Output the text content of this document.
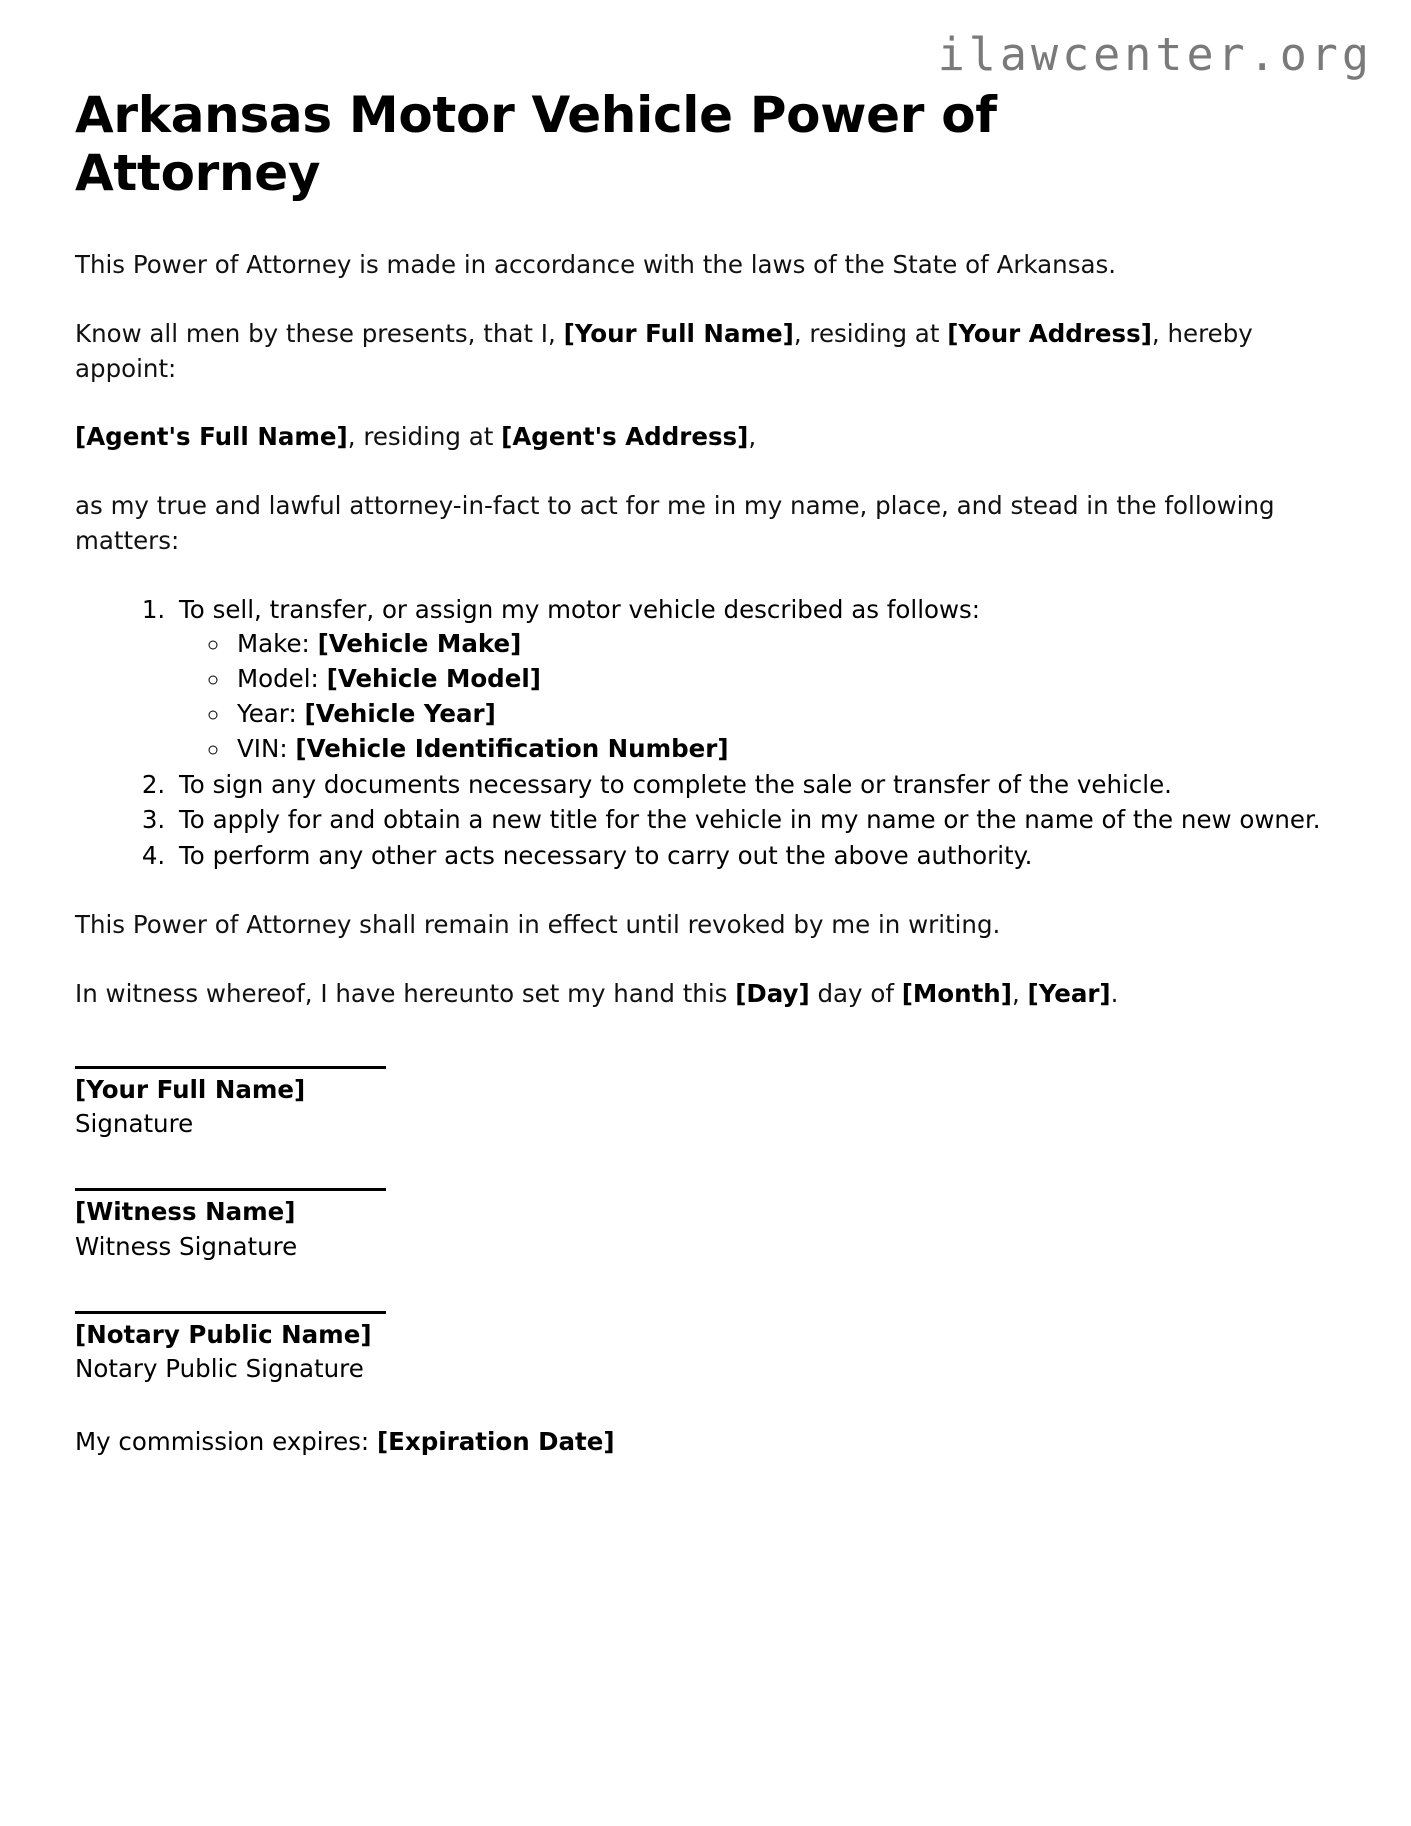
ilawcenter.org
Arkansas Motor Vehicle Power of Attorney

This Power of Attorney is made in accordance with the laws of the State of Arkansas.

Know all men by these presents, that I, [Your Full Name], residing at [Your Address], hereby appoint:

[Agent's Full Name], residing at [Agent's Address],

as my true and lawful attorney-in-fact to act for me in my name, place, and stead in the following matters:

1. To sell, transfer, or assign my motor vehicle described as follows:
◦ Make: [Vehicle Make]
◦ Model: [Vehicle Model]
◦ Year: [Vehicle Year]
◦ VIN: [Vehicle Identification Number]
2. To sign any documents necessary to complete the sale or transfer of the vehicle.
3. To apply for and obtain a new title for the vehicle in my name or the name of the new owner.
4. To perform any other acts necessary to carry out the above authority.

This Power of Attorney shall remain in effect until revoked by me in writing.

In witness whereof, I have hereunto set my hand this [Day] day of [Month], [Year].

[Your Full Name]

Signature

[Witness Name]

Witness Signature

[Notary Public Name]

Notary Public Signature

My commission expires: [Expiration Date]
